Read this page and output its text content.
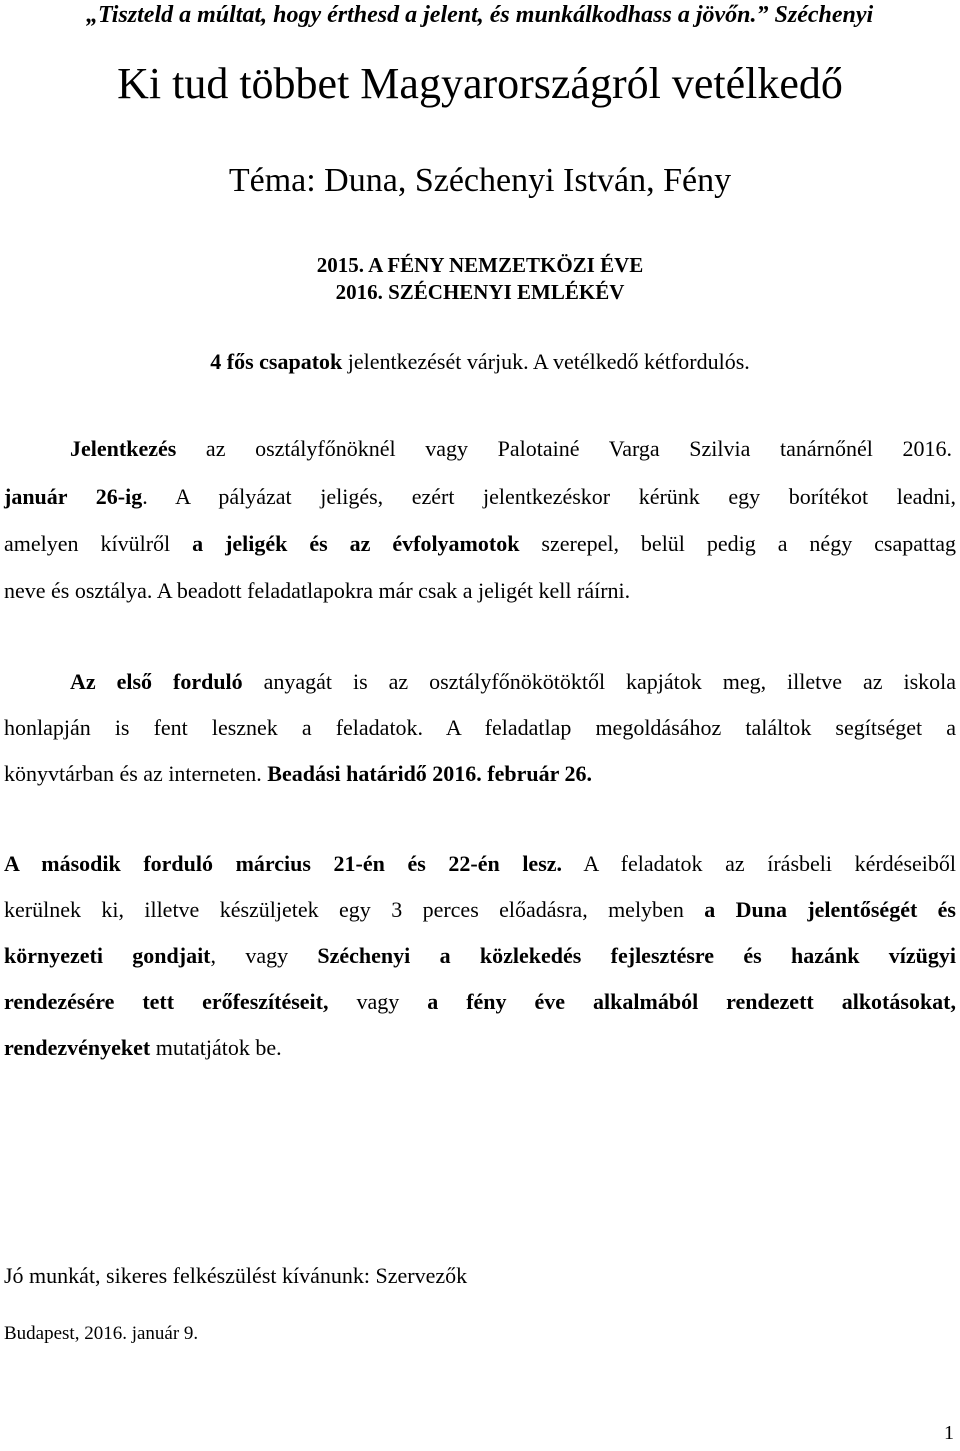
„Tiszteld a múltat, hogy érthesd a jelent, és munkálkodhass a jövőn.” Széchenyi
Ki tud többet Magyarországról vetélkedő
Téma: Duna, Széchenyi István, Fény
2015. A FÉNY NEMZETKÖZI ÉVE
2016. SZÉCHENYI EMLÉKÉV
4 fős csapatok jelentkezését várjuk. A vetélkedő kétfordulós.
Jelentkezés az osztályfőnöknél vagy Palotainé Varga Szilvia tanárnőnél 2016.
január 26-ig. A pályázat jeligés, ezért jelentkezéskor kérünk egy borítékot leadni,
amelyen kívülről a jeligék és az évfolyamotok szerepel, belül pedig a négy csapattag
neve és osztálya. A beadott feladatlapokra már csak a jeligét kell ráírni.
Az első forduló anyagát is az osztályfőnökötöktől kapjátok meg, illetve az iskola
honlapján is fent lesznek a feladatok. A feladatlap megoldásához találtok segítséget a
könyvtárban és az interneten. Beadási határidő 2016. február 26.
A második forduló március 21-én és 22-én lesz. A feladatok az írásbeli kérdéseiből
kerülnek ki, illetve készüljetek egy 3 perces előadásra, melyben a Duna jelentőségét és
környezeti gondjait, vagy Széchenyi a közlekedés fejlesztésre és hazánk vízügyi
rendezésére tett erőfeszítéseit, vagy a fény éve alkalmából rendezett alkotásokat,
rendezvényeket mutatjátok be.
Jó munkát, sikeres felkészülést kívánunk: Szervezők
Budapest, 2016. január 9.
1
